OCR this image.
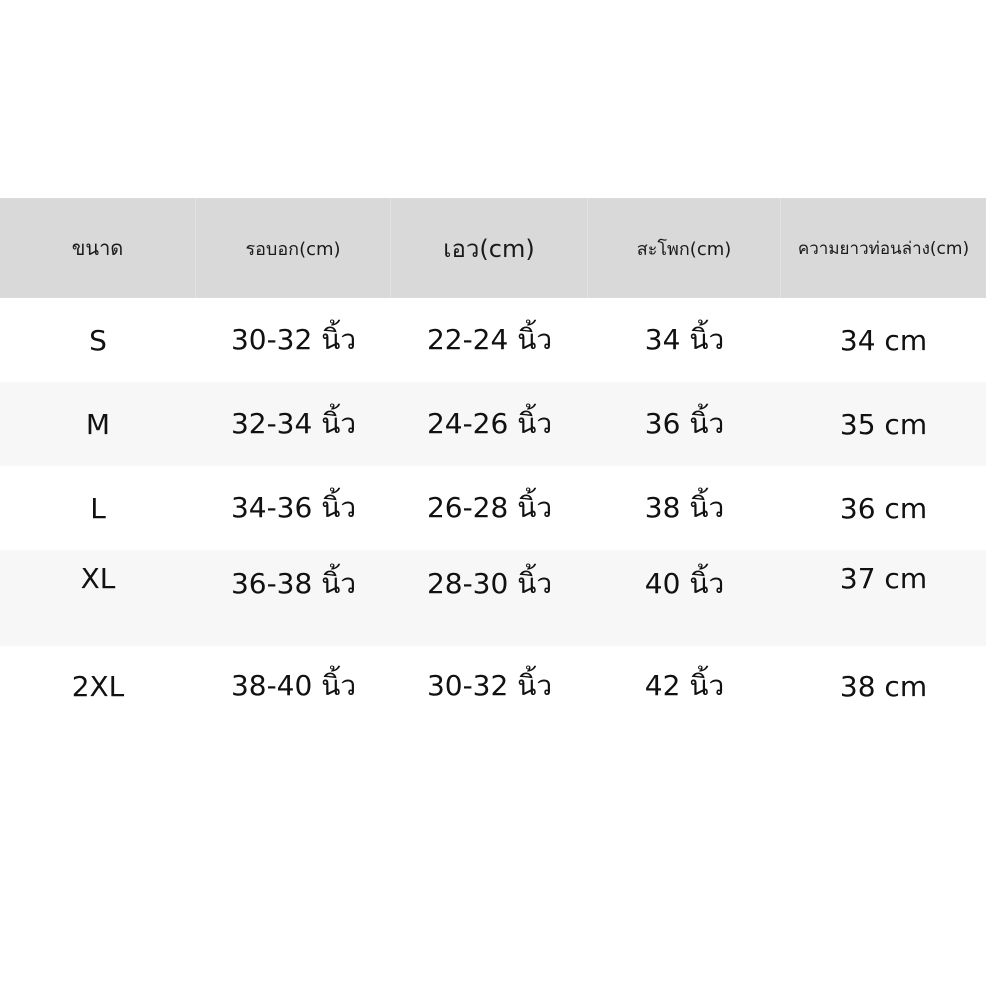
ขนาด	รอบอก(cm)	เอว(cm)	สะโพก(cm)	ความยาวท่อนล่าง(cm)
S	30-32 นิ้ว	22-24 นิ้ว	34 นิ้ว	34 cm
M	32-34 นิ้ว	24-26 นิ้ว	36 นิ้ว	35 cm
L	34-36 นิ้ว	26-28 นิ้ว	38 นิ้ว	36 cm
XL	36-38 นิ้ว	28-30 นิ้ว	40 นิ้ว	37 cm
2XL	38-40 นิ้ว	30-32 นิ้ว	42 นิ้ว	38 cm
